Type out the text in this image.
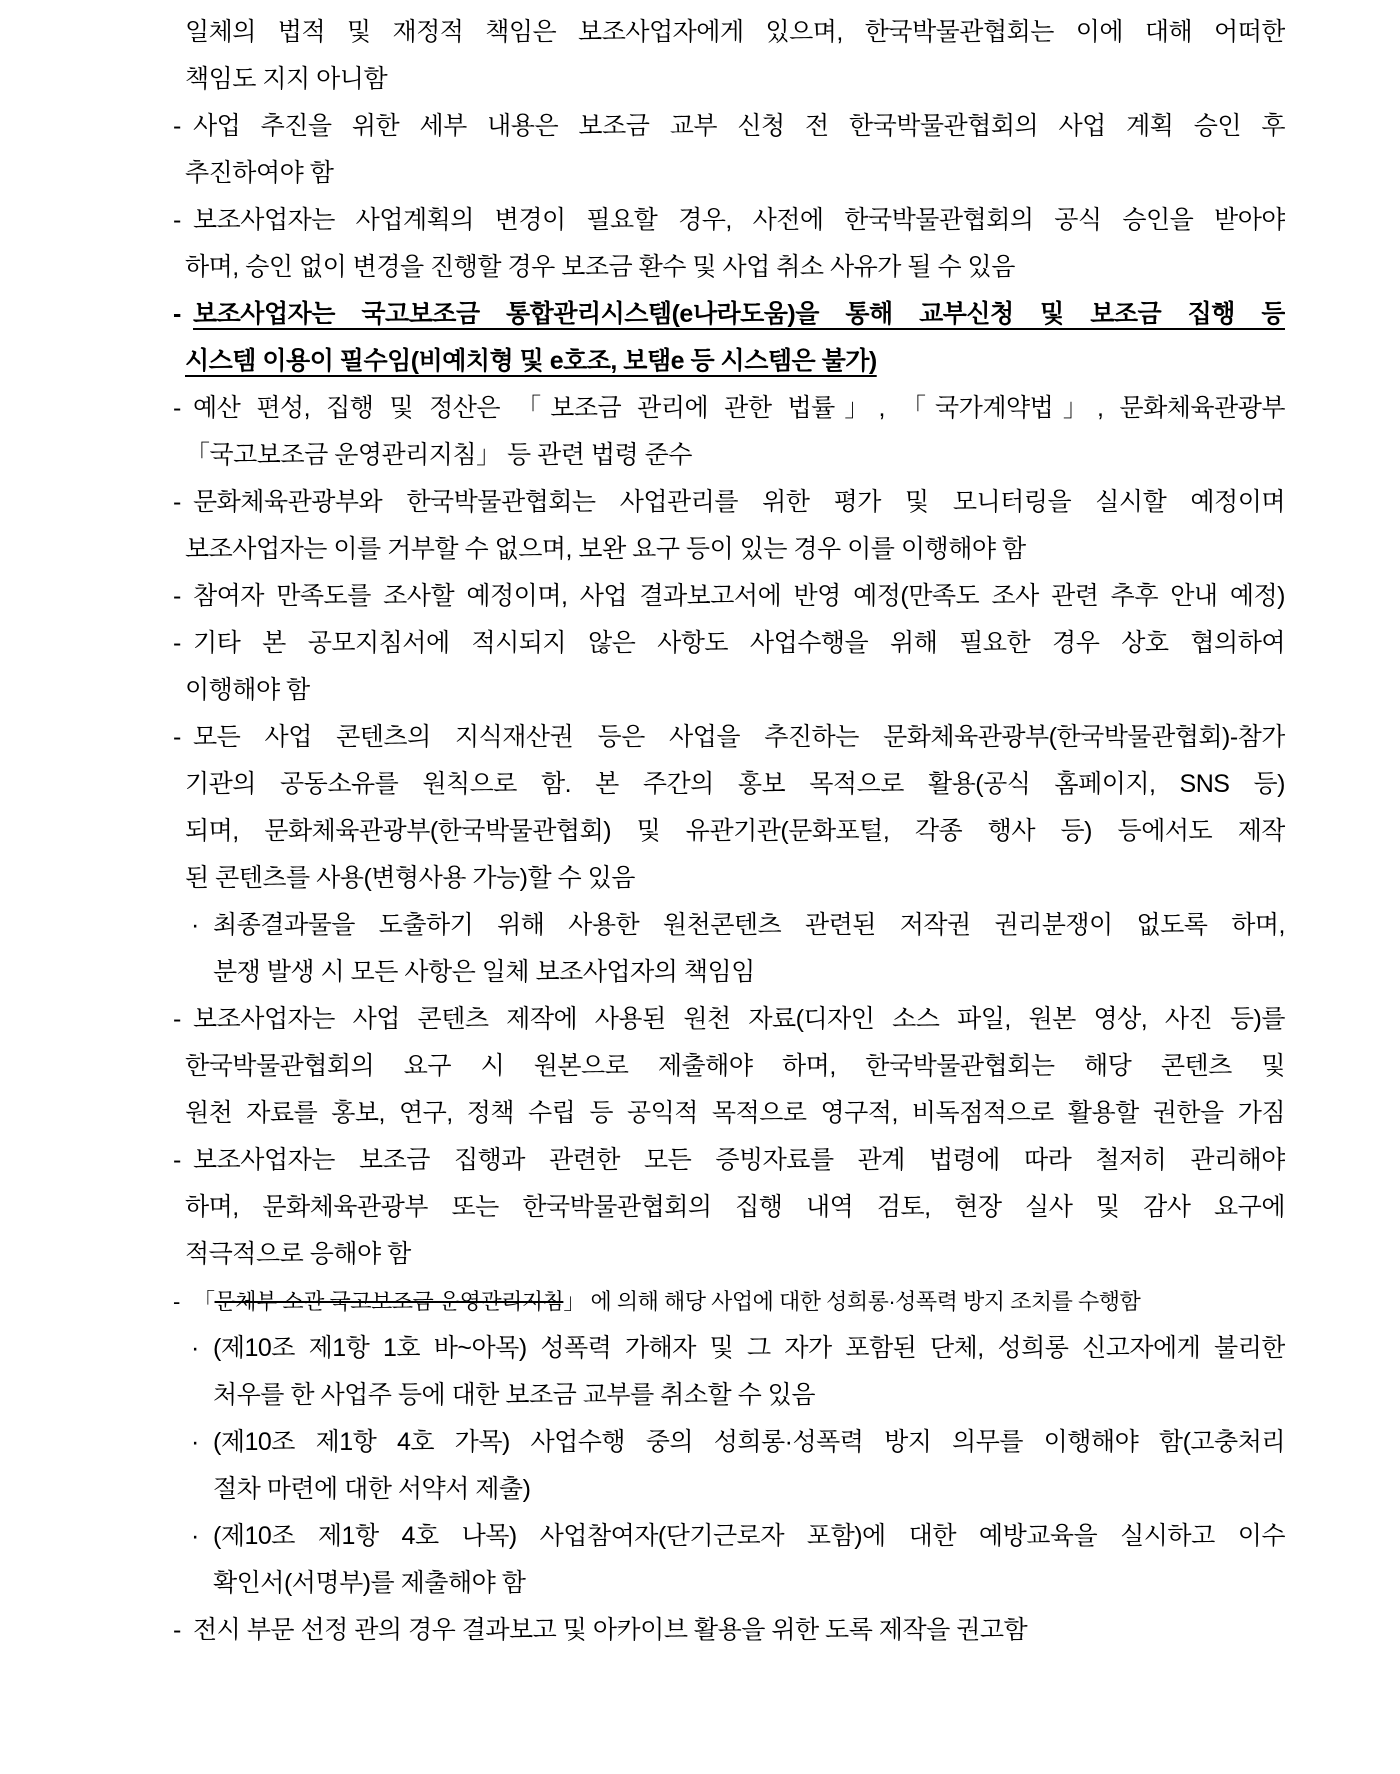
일체의 법적 및 재정적 책임은 보조사업자에게 있으며, 한국박물관협회는 이에 대해 어떠한
책임도 지지 아니함
- 사업 추진을 위한 세부 내용은 보조금 교부 신청 전 한국박물관협회의 사업 계획 승인 후
추진하여야 함
- 보조사업자는 사업계획의 변경이 필요할 경우, 사전에 한국박물관협회의 공식 승인을 받아야
하며, 승인 없이 변경을 진행할 경우 보조금 환수 및 사업 취소 사유가 될 수 있음
- 보조사업자는 국고보조금 통합관리시스템(e나라도움)을 통해 교부신청 및 보조금 집행 등
시스템 이용이 필수임(비예치형 및 e호조, 보탬e 등 시스템은 불가)
- 예산 편성, 집행 및 정산은 「보조금 관리에 관한 법률」, 「국가계약법」, 문화체육관광부
「국고보조금 운영관리지침」 등 관련 법령 준수
- 문화체육관광부와 한국박물관협회는 사업관리를 위한 평가 및 모니터링을 실시할 예정이며
보조사업자는 이를 거부할 수 없으며, 보완 요구 등이 있는 경우 이를 이행해야 함
- 참여자 만족도를 조사할 예정이며, 사업 결과보고서에 반영 예정(만족도 조사 관련 추후 안내 예정)
- 기타 본 공모지침서에 적시되지 않은 사항도 사업수행을 위해 필요한 경우 상호 협의하여
이행해야 함
- 모든 사업 콘텐츠의 지식재산권 등은 사업을 추진하는 문화체육관광부(한국박물관협회)-참가
기관의 공동소유를 원칙으로 함. 본 주간의 홍보 목적으로 활용(공식 홈페이지, SNS 등)
되며, 문화체육관광부(한국박물관협회) 및 유관기관(문화포털, 각종 행사 등) 등에서도 제작
된 콘텐츠를 사용(변형사용 가능)할 수 있음
· 최종결과물을 도출하기 위해 사용한 원천콘텐츠 관련된 저작권 권리분쟁이 없도록 하며,
분쟁 발생 시 모든 사항은 일체 보조사업자의 책임임
- 보조사업자는 사업 콘텐츠 제작에 사용된 원천 자료(디자인 소스 파일, 원본 영상, 사진 등)를
한국박물관협회의 요구 시 원본으로 제출해야 하며, 한국박물관협회는 해당 콘텐츠 및
원천 자료를 홍보, 연구, 정책 수립 등 공익적 목적으로 영구적, 비독점적으로 활용할 권한을 가짐
- 보조사업자는 보조금 집행과 관련한 모든 증빙자료를 관계 법령에 따라 철저히 관리해야
하며, 문화체육관광부 또는 한국박물관협회의 집행 내역 검토, 현장 실사 및 감사 요구에
적극적으로 응해야 함
- 「문체부 소관 국고보조금 운영관리지침」 에 의해 해당 사업에 대한 성희롱·성폭력 방지 조치를 수행함
· (제10조 제1항 1호 바~아목) 성폭력 가해자 및 그 자가 포함된 단체, 성희롱 신고자에게 불리한
처우를 한 사업주 등에 대한 보조금 교부를 취소할 수 있음
· (제10조 제1항 4호 가목) 사업수행 중의 성희롱·성폭력 방지 의무를 이행해야 함(고충처리
절차 마련에 대한 서약서 제출)
· (제10조 제1항 4호 나목) 사업참여자(단기근로자 포함)에 대한 예방교육을 실시하고 이수
확인서(서명부)를 제출해야 함
- 전시 부문 선정 관의 경우 결과보고 및 아카이브 활용을 위한 도록 제작을 권고함
